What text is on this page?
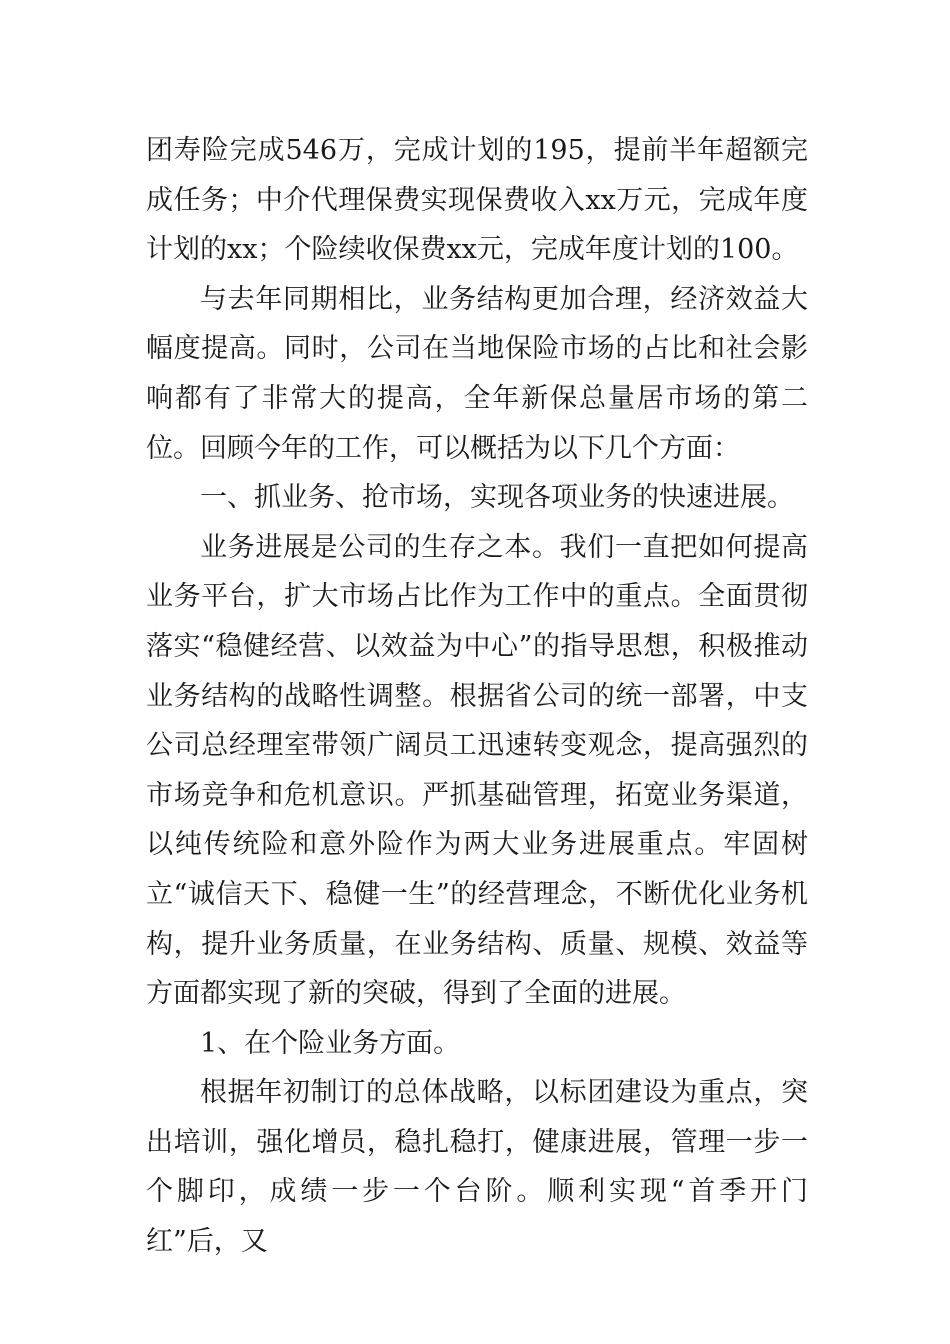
团寿险完成546万，完成计划的195，提前半年超额完成任务；中介代理保费实现保费收入xx万元，完成年度计划的xx；个险续收保费xx元，完成年度计划的100。

与去年同期相比，业务结构更加合理，经济效益大幅度提高。同时，公司在当地保险市场的占比和社会影响都有了非常大的提高，全年新保总量居市场的第二位。回顾今年的工作，可以概括为以下几个方面：

一、抓业务、抢市场，实现各项业务的快速进展。

业务进展是公司的生存之本。我们一直把如何提高业务平台，扩大市场占比作为工作中的重点。全面贯彻落实“稳健经营、以效益为中心”的指导思想，积极推动业务结构的战略性调整。根据省公司的统一部署，中支公司总经理室带领广阔员工迅速转变观念，提高强烈的市场竞争和危机意识。严抓基础管理，拓宽业务渠道，以纯传统险和意外险作为两大业务进展重点。牢固树立“诚信天下、稳健一生”的经营理念，不断优化业务机构，提升业务质量，在业务结构、质量、规模、效益等方面都实现了新的突破，得到了全面的进展。

1、在个险业务方面。

根据年初制订的总体战略，以标团建设为重点，突出培训，强化增员，稳扎稳打，健康进展，管理一步一个脚印，成绩一步一个台阶。顺利实现“首季开门红”后，又
